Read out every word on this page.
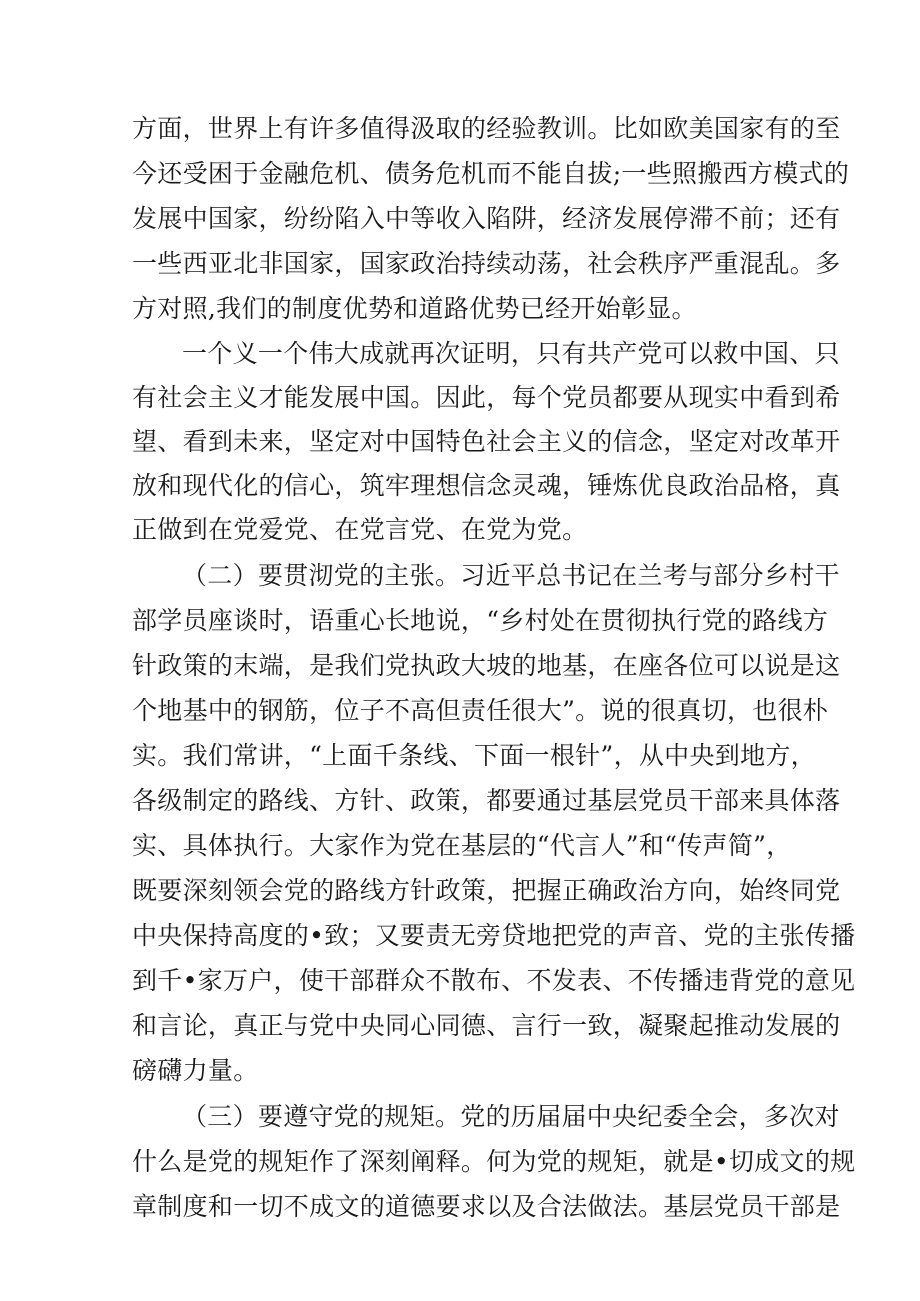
方面，世界上有许多值得汲取的经验教训。比如欧美国家有的至
今还受困于金融危机、债务危机而不能自拔;一些照搬西方模式的
发展中国家，纷纷陷入中等收入陷阱，经济发展停滞不前；还有
一些西亚北非国家，国家政治持续动荡，社会秩序严重混乱。多
方对照,我们的制度优势和道路优势已经开始彰显。
一个义一个伟大成就再次证明，只有共产党可以救中国、只
有社会主义才能发展中国。因此，每个党员都要从现实中看到希
望、看到未来，坚定对中国特色社会主义的信念，坚定对改革开
放和现代化的信心，筑牢理想信念灵魂，锤炼优良政治品格，真
正做到在党爱党、在党言党、在党为党。
（二）要贯沏党的主张。习近平总书记在兰考与部分乡村干
部学员座谈时，语重心长地说，“乡村处在贯彻执行党的路线方
针政策的末端，是我们党执政大坡的地基，在座各位可以说是这
个地基中的钢筋，位子不高但责任很大”。说的很真切，也很朴
实。我们常讲，“上面千条线、下面一根针”，从中央到地方，
各级制定的路线、方针、政策，都要通过基层党员干部来具体落
实、具体执行。大家作为党在基层的“代言人”和“传声简”，
既要深刻领会党的路线方针政策，把握正确政治方向，始终同党
中央保持高度的•致；又要责无旁贷地把党的声音、党的主张传播
到千•家万户，使干部群众不散布、不发表、不传播违背党的意见
和言论，真正与党中央同心同德、言行一致，凝聚起推动发展的
磅礴力量。
（三）要遵守党的规矩。党的历届届中央纪委全会，多次对
什么是党的规矩作了深刻阐释。何为党的规矩，就是•切成文的规
章制度和一切不成文的道德要求以及合法做法。基层党员干部是
